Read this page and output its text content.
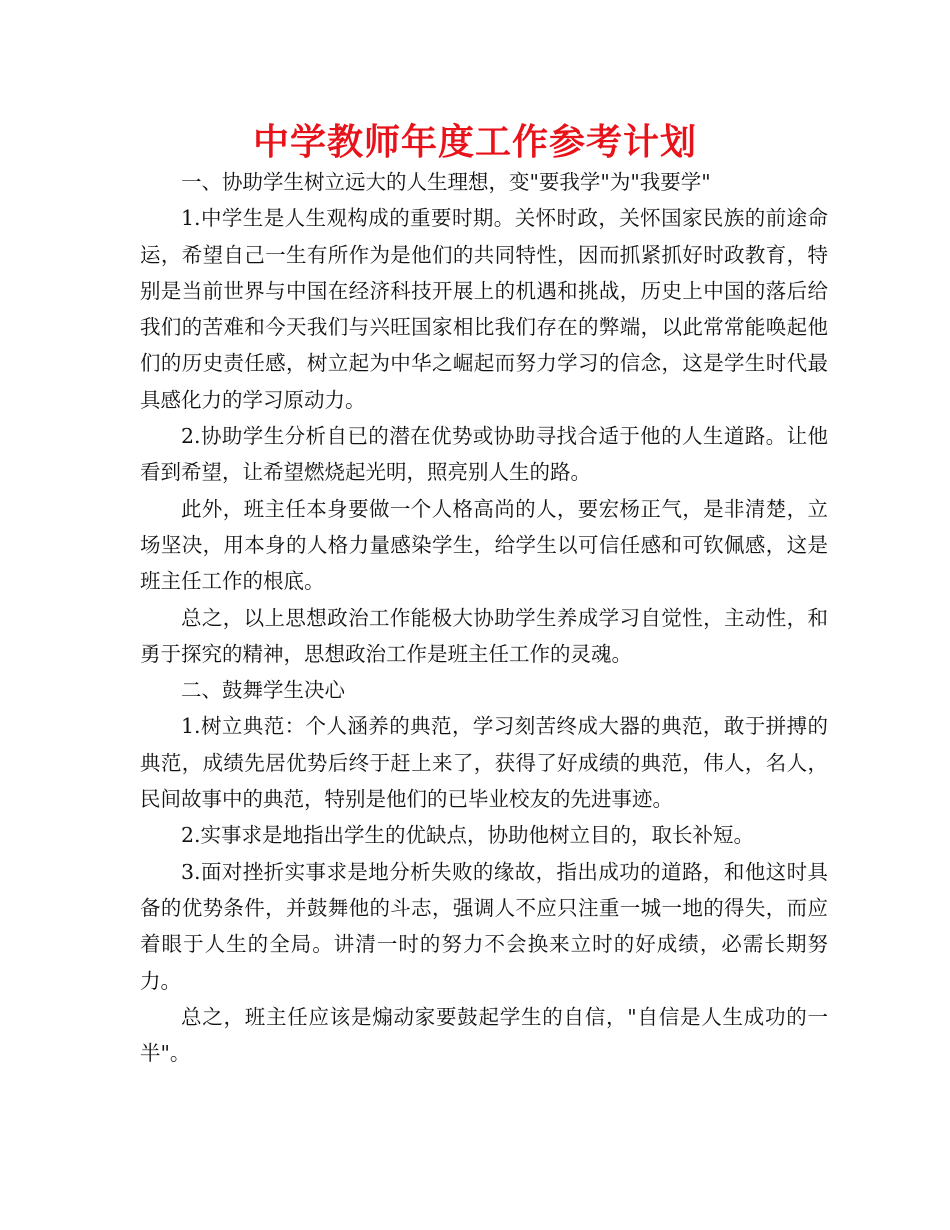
中学教师年度工作参考计划

一、协助学生树立远大的人生理想，变"要我学"为"我要学"

1.中学生是人生观构成的重要时期。关怀时政，关怀国家民族的前途命运，希望自己一生有所作为是他们的共同特性，因而抓紧抓好时政教育，特别是当前世界与中国在经济科技开展上的机遇和挑战，历史上中国的落后给我们的苦难和今天我们与兴旺国家相比我们存在的弊端，以此常常能唤起他们的历史责任感，树立起为中华之崛起而努力学习的信念，这是学生时代最具感化力的学习原动力。

2.协助学生分析自已的潜在优势或协助寻找合适于他的人生道路。让他看到希望，让希望燃烧起光明，照亮别人生的路。

此外，班主任本身要做一个人格高尚的人，要宏杨正气，是非清楚，立场坚决，用本身的人格力量感染学生，给学生以可信任感和可钦佩感，这是班主任工作的根底。

总之，以上思想政治工作能极大协助学生养成学习自觉性，主动性，和勇于探究的精神，思想政治工作是班主任工作的灵魂。

二、鼓舞学生决心

1.树立典范：个人涵养的典范，学习刻苦终成大器的典范，敢于拼搏的典范，成绩先居优势后终于赶上来了，获得了好成绩的典范，伟人，名人，民间故事中的典范，特别是他们的已毕业校友的先进事迹。

2.实事求是地指出学生的优缺点，协助他树立目的，取长补短。

3.面对挫折实事求是地分析失败的缘故，指出成功的道路，和他这时具备的优势条件，并鼓舞他的斗志，强调人不应只注重一城一地的得失，而应着眼于人生的全局。讲清一时的努力不会换来立时的好成绩，必需长期努力。

总之，班主任应该是煽动家要鼓起学生的自信，"自信是人生成功的一半"。
